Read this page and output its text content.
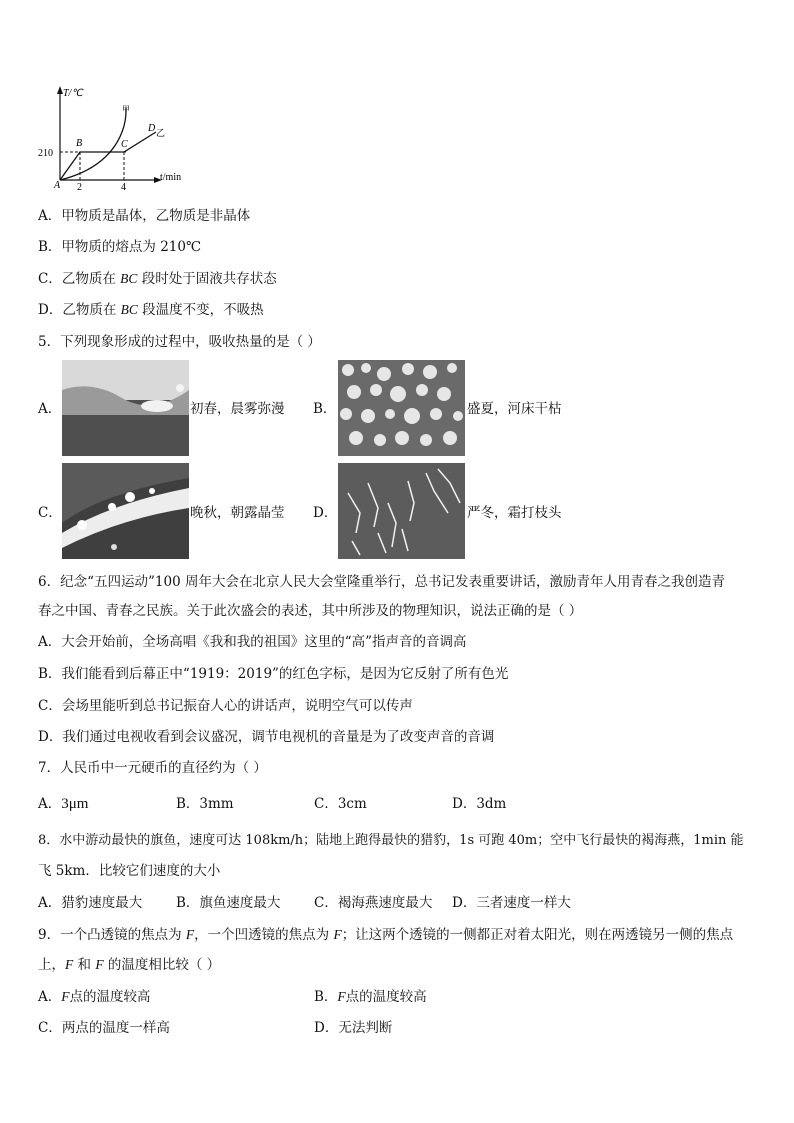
T/℃
t/min
210
A 2	4
B	C
D
甲
乙
A．甲物质是晶体，乙物质是非晶体
B．甲物质的熔点为 210℃
C．乙物质在 BC 段时处于固液共存状态
D．乙物质在 BC 段温度不变，不吸热
5．下列现象形成的过程中，吸收热量的是（ ）
A．	初春，晨雾弥漫 B．	盛夏，河床干枯
C．	晚秋，朝露晶莹 D．	严冬，霜打枝头
6．纪念“五四运动”100 周年大会在北京人民大会堂隆重举行，总书记发表重要讲话，激励青年人用青春之我创造青
春之中国、青春之民族。关于此次盛会的表述，其中所涉及的物理知识，说法正确的是（ ）
A．大会开始前，全场高唱《我和我的祖国》这里的“高”指声音的音调高
B．我们能看到后幕正中“1919：2019”的红色字标，是因为它反射了所有色光
C．会场里能听到总书记振奋人心的讲话声，说明空气可以传声
D．我们通过电视收看到会议盛况，调节电视机的音量是为了改变声音的音调
7．人民币中一元硬币的直径约为（ ）
A．3μm	B．3mm	C．3cm	D．3dm
8．水中游动最快的旗鱼，速度可达 108km/h；陆地上跑得最快的猎豹，1s 可跑 40m；空中飞行最快的褐海燕，1min 能
飞 5km．比较它们速度的大小
A．猎豹速度最大	B．旗鱼速度最大 C．褐海燕速度最大 D．三者速度一样大
9．一个凸透镜的焦点为 F，一个凹透镜的焦点为 F；让这两个透镜的一侧都正对着太阳光，则在两透镜另一侧的焦点
上，F 和 F 的温度相比较（ ）
A．F点的温度较高	B．F点的温度较高
C．两点的温度一样高	D．无法判断
